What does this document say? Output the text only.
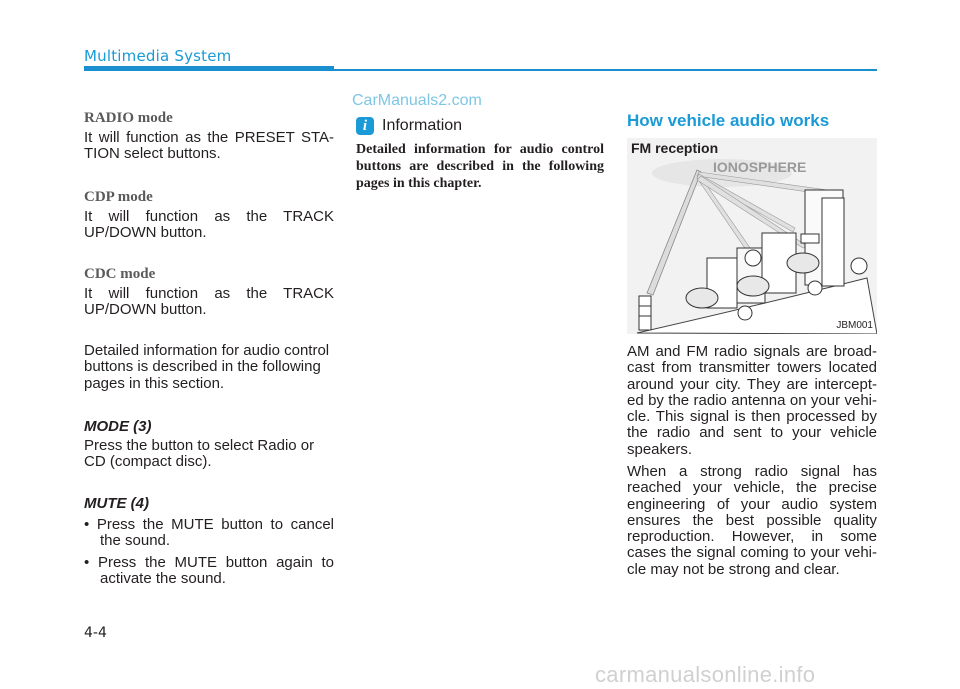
Multimedia System
CarManuals2.com
RADIO mode
It will function as the PRESET STA-TION select buttons.
CDP mode
It will function as the TRACK UP/DOWN button.
CDC mode
It will function as the TRACK UP/DOWN button.
Detailed information for audio control buttons is described in the following pages in this section.
MODE (3)
Press the button to select Radio or CD (compact disc).
MUTE (4)
• Press the MUTE button to cancel the sound.
• Press the MUTE button again to activate the sound.
i Information
Detailed information for audio control buttons are described in the following pages in this chapter.
How vehicle audio works
FM reception
IONOSPHERE
JBM001
AM and FM radio signals are broad-cast from transmitter towers located around your city. They are intercept-ed by the radio antenna on your vehi-cle. This signal is then processed by the radio and sent to your vehicle speakers.
When a strong radio signal has reached your vehicle, the precise engineering of your audio system ensures the best possible quality reproduction. However, in some cases the signal coming to your vehi-cle may not be strong and clear.
4-4
carmanualsonline.info
